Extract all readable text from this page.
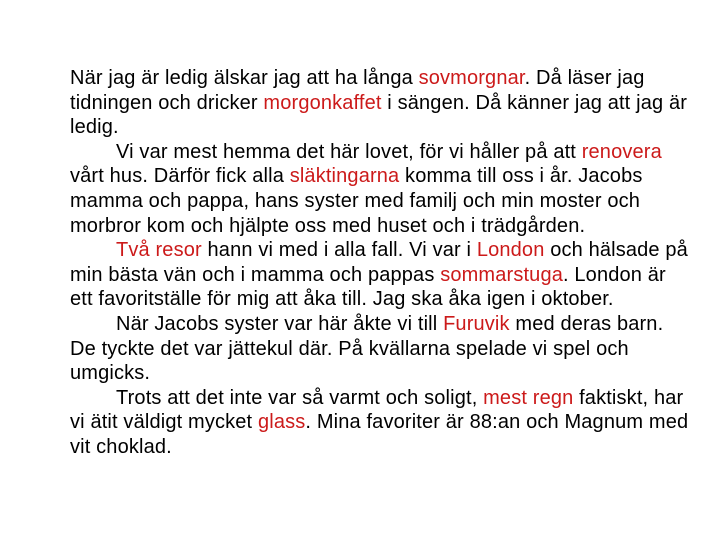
När jag är ledig älskar jag att ha långa sovmorgnar. Då läser jag tidningen och dricker morgonkaffet i sängen. Då känner jag att jag är ledig.

Vi var mest hemma det här lovet, för vi håller på att renovera vårt hus. Därför fick alla släktingarna komma till oss i år. Jacobs mamma och pappa, hans syster med familj och min moster och morbror kom och hjälpte oss med huset och i trädgården.

Två resor hann vi med i alla fall. Vi var i London och hälsade på min bästa vän och i mamma och pappas sommarstuga. London är ett favoritställe för mig att åka till. Jag ska åka igen i oktober.

När Jacobs syster var här åkte vi till Furuvik med deras barn. De tyckte det var jättekul där. På kvällarna spelade vi spel och umgicks.

Trots att det inte var så varmt och soligt, mest regn faktiskt, har vi ätit väldigt mycket glass. Mina favoriter är 88:an och Magnum med vit choklad.
